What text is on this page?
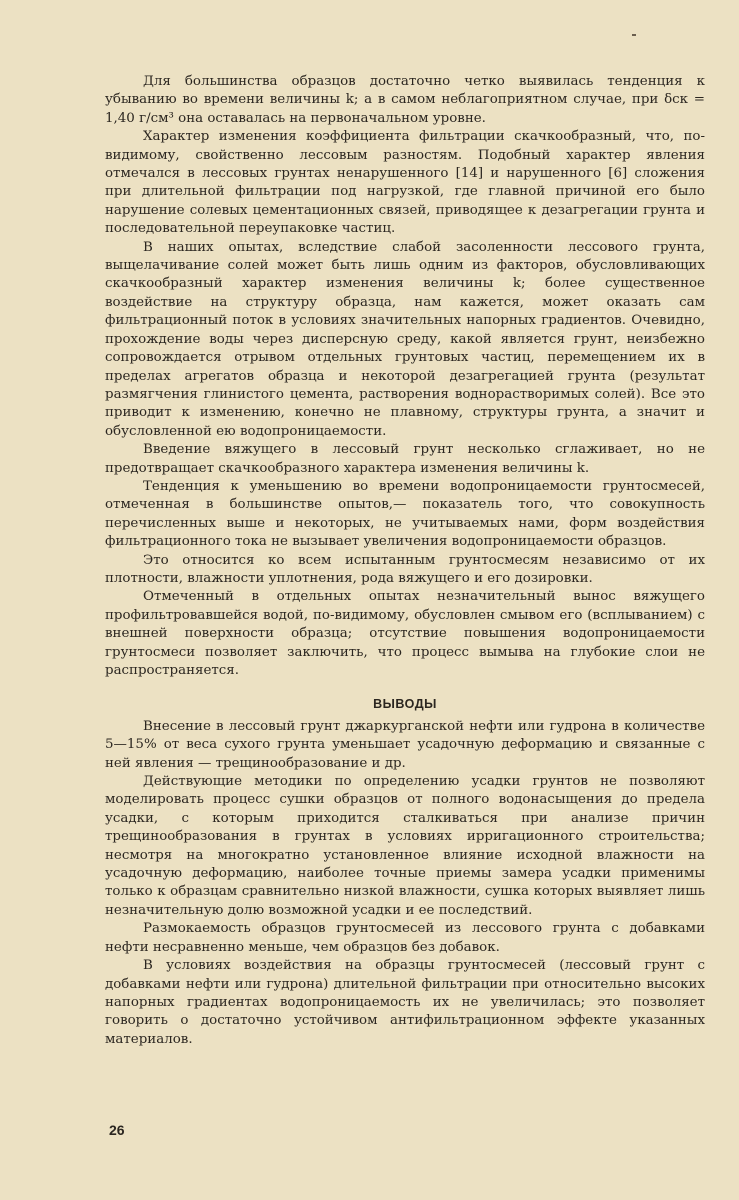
Для большинства образцов достаточно четко выявилась тенденция к убыванию во времени величины k; а в самом неблагоприятном случае, при δск = 1,40 г/см³ она оставалась на первоначальном уровне.

Характер изменения коэффициента фильтрации скачкообразный, что, по-видимому, свойственно лессовым разностям. Подобный характер явления отмечался в лессовых грунтах ненарушенного [14] и нарушенного [6] сложения при длительной фильтрации под нагрузкой, где главной причиной его было нарушение солевых цементационных связей, приводящее к дезагрегации грунта и последовательной переупаковке частиц.

В наших опытах, вследствие слабой засоленности лессового грунта, выщелачивание солей может быть лишь одним из факторов, обусловливающих скачкообразный характер изменения величины k; более существенное воздействие на структуру образца, нам кажется, может оказать сам фильтрационный поток в условиях значительных напорных градиентов. Очевидно, прохождение воды через дисперсную среду, какой является грунт, неизбежно сопровождается отрывом отдельных грунтовых частиц, перемещением их в пределах агрегатов образца и некоторой дезагрегацией грунта (результат размягчения глинистого цемента, растворения воднорастворимых солей). Все это приводит к изменению, конечно не плавному, структуры грунта, а значит и обусловленной ею водопроницаемости.

Введение вяжущего в лессовый грунт несколько сглаживает, но не предотвращает скачкообразного характера изменения величины k.

Тенденция к уменьшению во времени водопроницаемости грунтосмесей, отмеченная в большинстве опытов,— показатель того, что совокупность перечисленных выше и некоторых, не учитываемых нами, форм воздействия фильтрационного тока не вызывает увеличения водопроницаемости образцов.

Это относится ко всем испытанным грунтосмесям независимо от их плотности, влажности уплотнения, рода вяжущего и его дозировки.

Отмеченный в отдельных опытах незначительный вынос вяжущего профильтровавшейся водой, по-видимому, обусловлен смывом его (всплыванием) с внешней поверхности образца; отсутствие повышения водопроницаемости грунтосмеси позволяет заключить, что процесс вымыва на глубокие слои не распространяется.

ВЫВОДЫ

Внесение в лессовый грунт джаркурганской нефти или гудрона в количестве 5—15% от веса сухого грунта уменьшает усадочную деформацию и связанные с ней явления — трещинообразование и др.

Действующие методики по определению усадки грунтов не позволяют моделировать процесс сушки образцов от полного водонасыщения до предела усадки, с которым приходится сталкиваться при анализе причин трещинообразования в грунтах в условиях ирригационного строительства; несмотря на многократно установленное влияние исходной влажности на усадочную деформацию, наиболее точные приемы замера усадки применимы только к образцам сравнительно низкой влажности, сушка которых выявляет лишь незначительную долю возможной усадки и ее последствий.

Размокаемость образцов грунтосмесей из лессового грунта с добавками нефти несравненно меньше, чем образцов без добавок.

В условиях воздействия на образцы грунтосмесей (лессовый грунт с добавками нефти или гудрона) длительной фильтрации при относительно высоких напорных градиентах водопроницаемость их не увеличилась; это позволяет говорить о достаточно устойчивом антифильтрационном эффекте указанных материалов.

26
